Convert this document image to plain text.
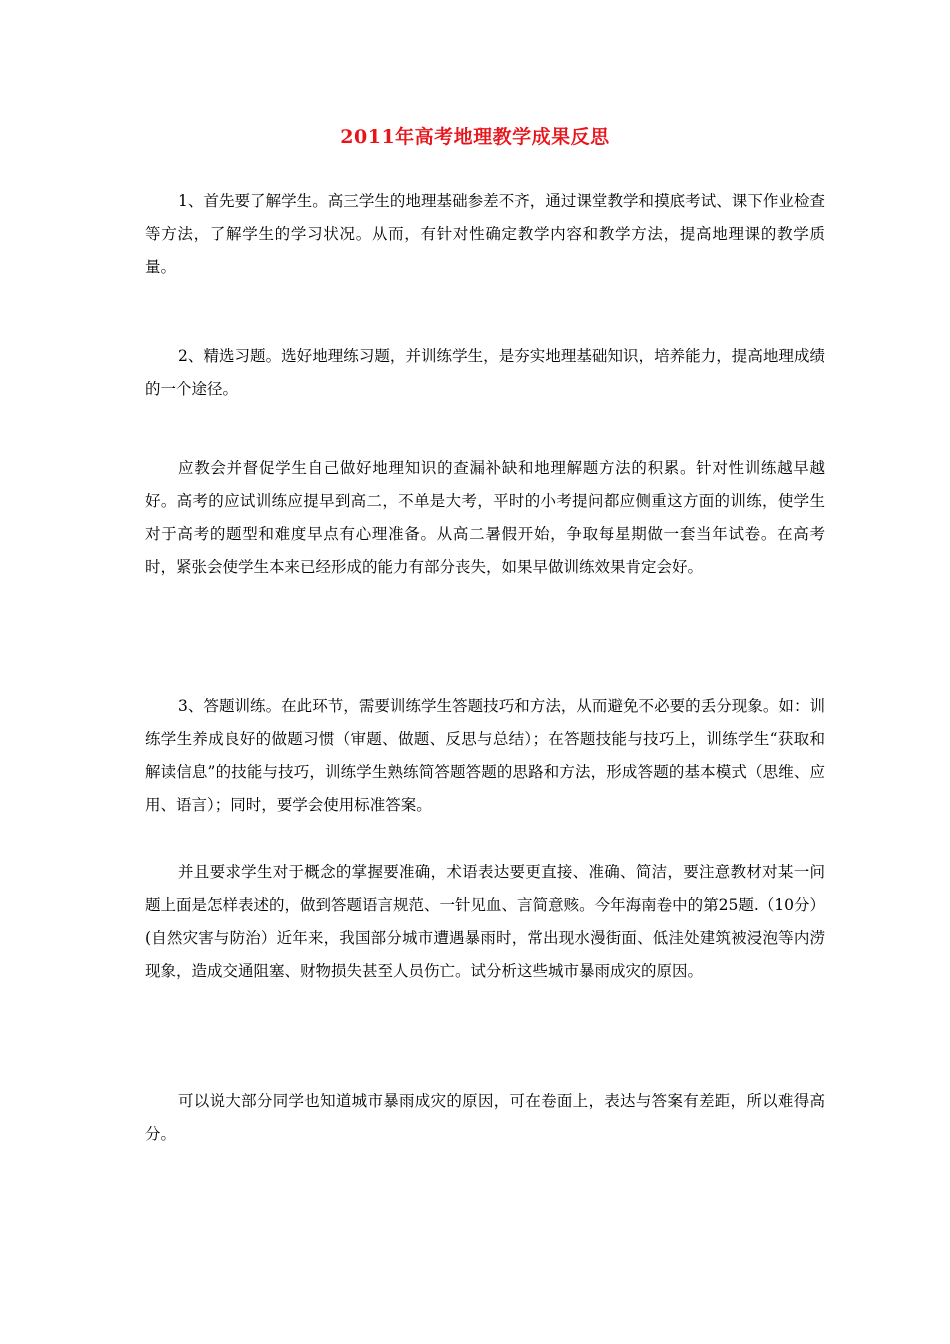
2011年高考地理教学成果反思
1、首先要了解学生。高三学生的地理基础参差不齐，通过课堂教学和摸底考试、课下作业检查等方法，了解学生的学习状况。从而，有针对性确定教学内容和教学方法，提高地理课的教学质量。
2、精选习题。选好地理练习题，并训练学生，是夯实地理基础知识，培养能力，提高地理成绩的一个途径。
应教会并督促学生自己做好地理知识的查漏补缺和地理解题方法的积累。针对性训练越早越好。高考的应试训练应提早到高二，不单是大考，平时的小考提问都应侧重这方面的训练，使学生对于高考的题型和难度早点有心理准备。从高二暑假开始，争取每星期做一套当年试卷。在高考时，紧张会使学生本来已经形成的能力有部分丧失，如果早做训练效果肯定会好。
3、答题训练。在此环节，需要训练学生答题技巧和方法，从而避免不必要的丢分现象。如：训练学生养成良好的做题习惯（审题、做题、反思与总结）；在答题技能与技巧上，训练学生“获取和解读信息”的技能与技巧，训练学生熟练简答题答题的思路和方法，形成答题的基本模式（思维、应用、语言）；同时，要学会使用标准答案。
并且要求学生对于概念的掌握要准确，术语表达要更直接、准确、简洁，要注意教材对某一问题上面是怎样表述的，做到答题语言规范、一针见血、言简意赅。今年海南卷中的第25题.（10分）(自然灾害与防治）近年来，我国部分城市遭遇暴雨时，常出现水漫街面、低洼处建筑被浸泡等内涝现象，造成交通阻塞、财物损失甚至人员伤亡。试分析这些城市暴雨成灾的原因。
可以说大部分同学也知道城市暴雨成灾的原因，可在卷面上，表达与答案有差距，所以难得高分。
